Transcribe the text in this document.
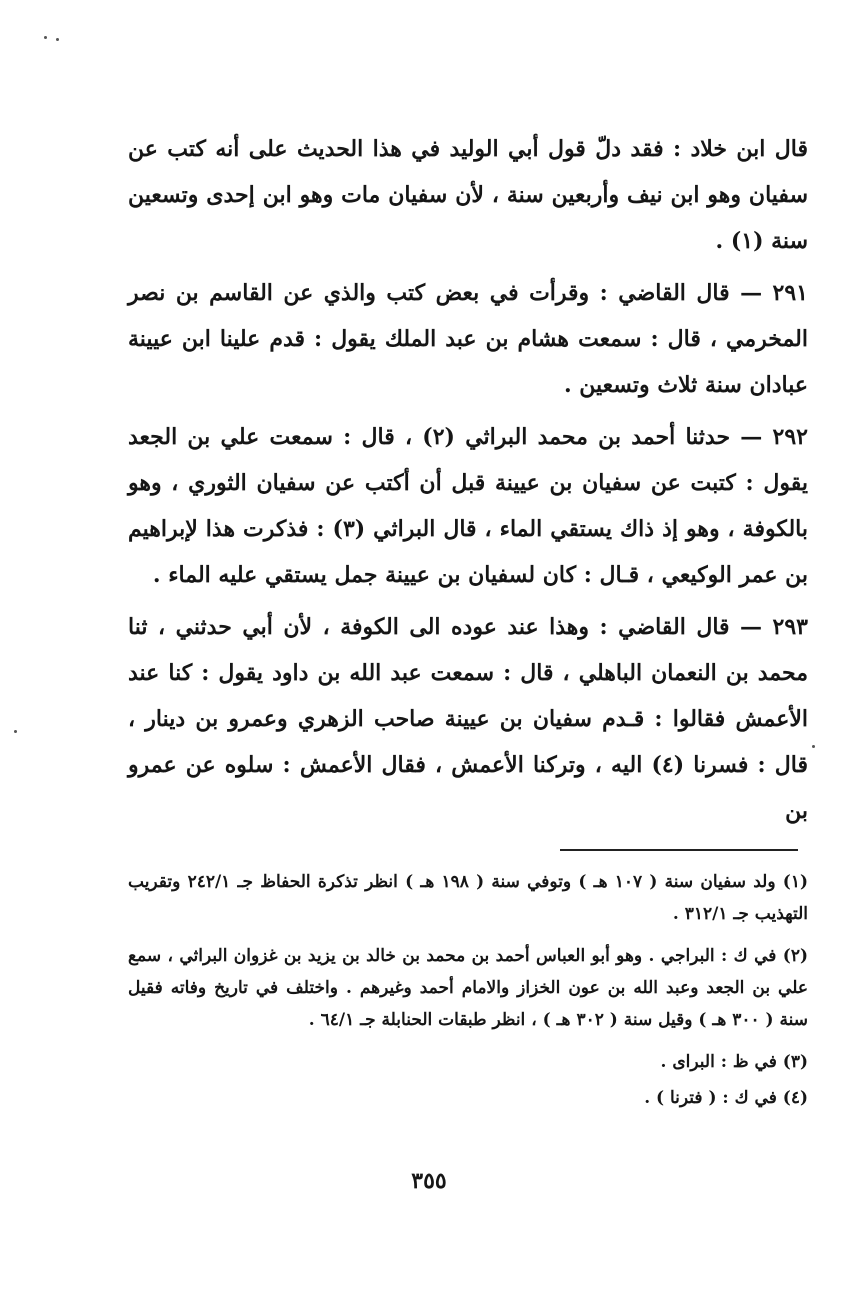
قال ابن خلاد : فقد دلّ قول أبي الوليد في هذا الحديث على أنه كتب عن سفيان وهو ابن نيف وأربعين سنة ، لأن سفيان مات وهو ابن إحدى وتسعين سنة (١) .

٢٩١ — قال القاضي : وقرأت في بعض كتب والذي عن القاسم بن نصر المخرمي ، قال : سمعت هشام بن عبد الملك يقول : قدم علينا ابن عيينة عبادان سنة ثلاث وتسعين .

٢٩٢ — حدثنا أحمد بن محمد البراثي (٢) ، قال : سمعت علي بن الجعد يقول : كتبت عن سفيان بن عيينة قبل أن أكتب عن سفيان الثوري ، وهو بالكوفة ، وهو إذ ذاك يستقي الماء ، قال البراثي (٣) : فذكرت هذا لإبراهيم بن عمر الوكيعي ، قـال : كان لسفيان بن عيينة جمل يستقي عليه الماء .

٢٩٣ — قال القاضي : وهذا عند عوده الى الكوفة ، لأن أبي حدثني ، ثنا محمد بن النعمان الباهلي ، قال : سمعت عبد الله بن داود يقول : كنا عند الأعمش فقالوا : قـدم سفيان بن عيينة صاحب الزهري وعمرو بن دينار ، قال : فسرنا (٤) اليه ، وتركنا الأعمش ، فقال الأعمش : سلوه عن عمرو بن

(١) ولد سفيان سنة ( ١٠٧ هـ ) وتوفي سنة ( ١٩٨ هـ ) انظر تذكرة الحفاظ جـ ٢٤٢/١ وتقريب التهذيب جـ ٣١٢/١ .

(٢) في ك : البراجي . وهو أبو العباس أحمد بن محمد بن خالد بن يزيد بن غزوان البراثي ، سمع علي بن الجعد وعبد الله بن عون الخزاز والامام أحمد وغيرهم . واختلف في تاريخ وفاته فقيل سنة ( ٣٠٠ هـ ) وقيل سنة ( ٣٠٢ هـ ) ، انظر طبقات الحنابلة جـ ٦٤/١ .

(٣) في ظ : البراى .

(٤) في ك : ( فترنا ) .

٣٥٥
